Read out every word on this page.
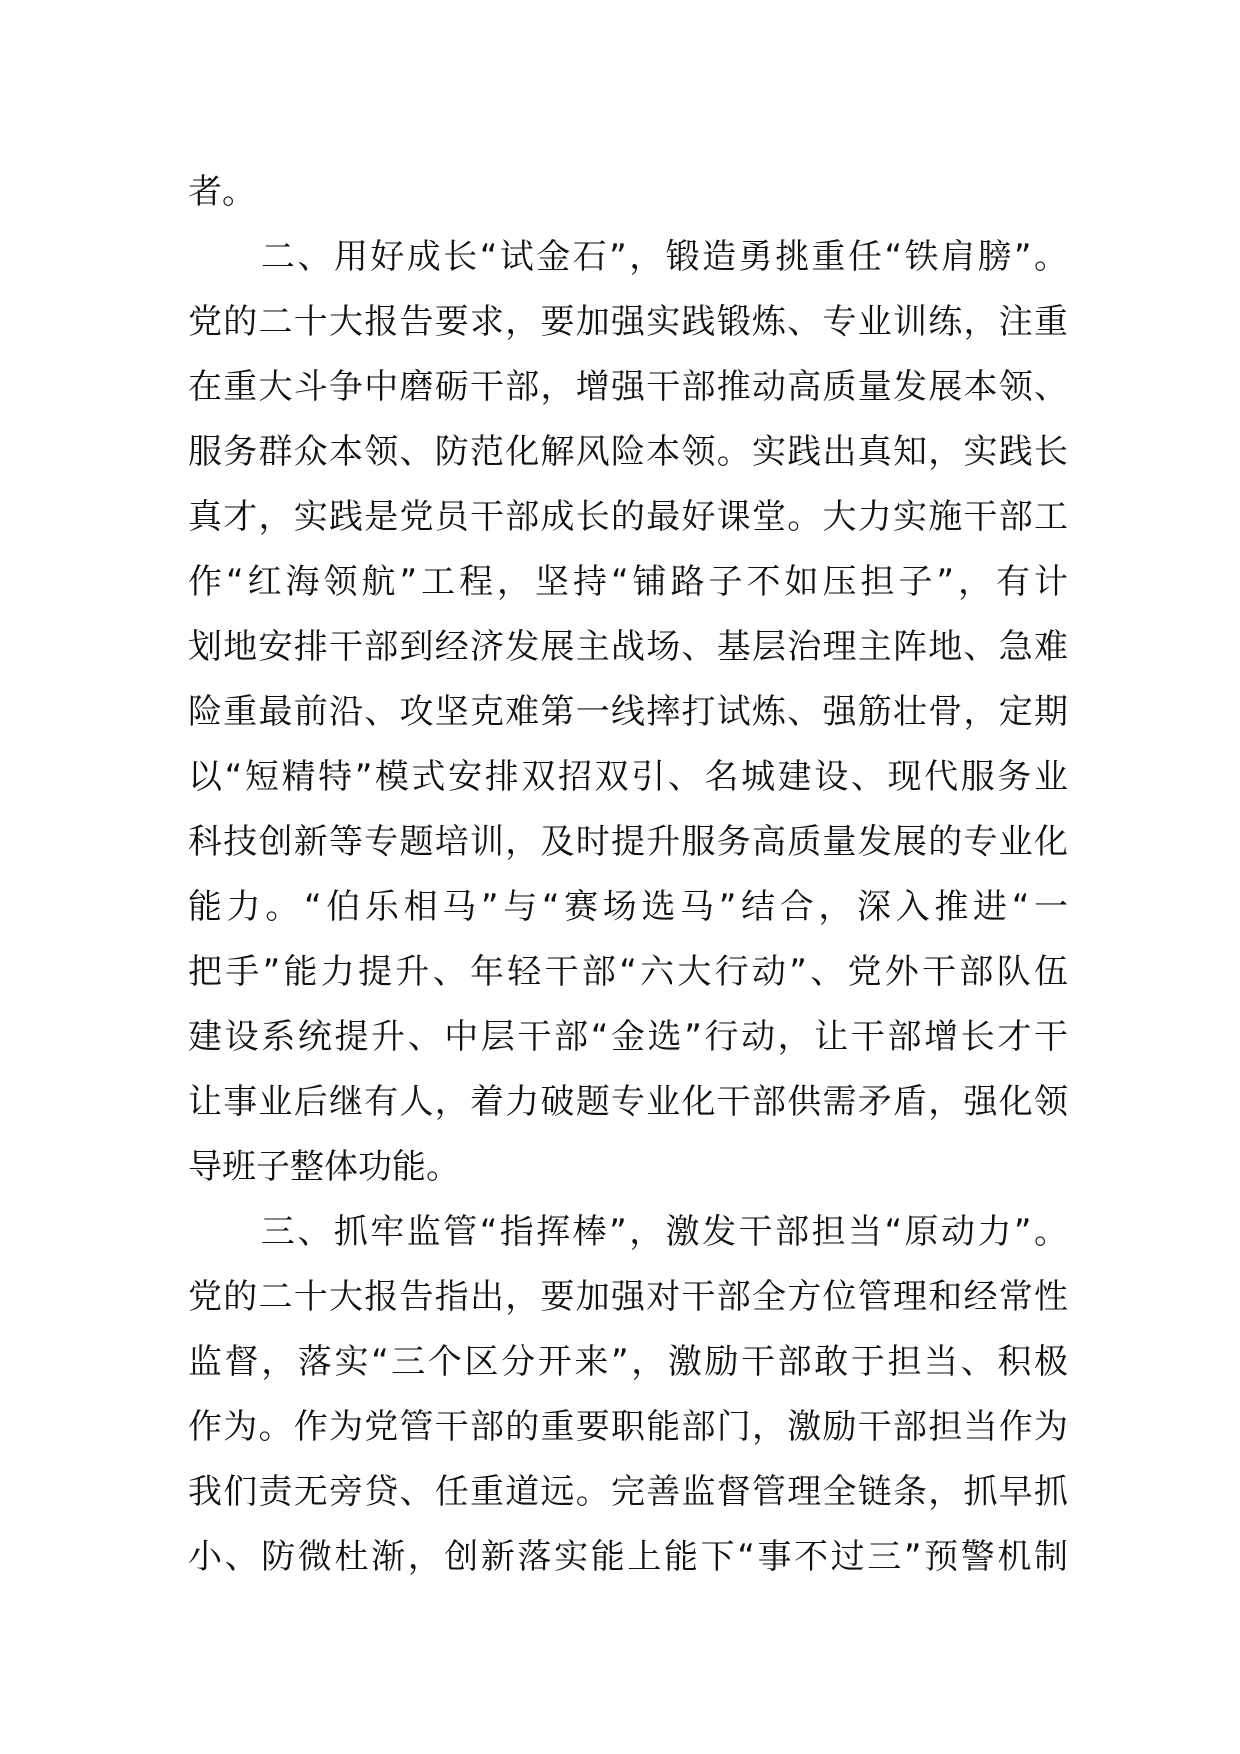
者。
　　二、用好成长“试金石”，锻造勇挑重任“铁肩膀”。
党的二十大报告要求，要加强实践锻炼、专业训练，注重
在重大斗争中磨砺干部，增强干部推动高质量发展本领、
服务群众本领、防范化解风险本领。实践出真知，实践长
真才，实践是党员干部成长的最好课堂。大力实施干部工
作“红海领航”工程，坚持“铺路子不如压担子”，有计
划地安排干部到经济发展主战场、基层治理主阵地、急难
险重最前沿、攻坚克难第一线摔打试炼、强筋壮骨，定期
以“短精特”模式安排双招双引、名城建设、现代服务业
科技创新等专题培训，及时提升服务高质量发展的专业化
能力。“伯乐相马”与“赛场选马”结合，深入推进“一
把手”能力提升、年轻干部“六大行动”、党外干部队伍
建设系统提升、中层干部“金选”行动，让干部增长才干
让事业后继有人，着力破题专业化干部供需矛盾，强化领
导班子整体功能。
　　三、抓牢监管“指挥棒”，激发干部担当“原动力”。
党的二十大报告指出，要加强对干部全方位管理和经常性
监督，落实“三个区分开来”，激励干部敢于担当、积极
作为。作为党管干部的重要职能部门，激励干部担当作为
我们责无旁贷、任重道远。完善监督管理全链条，抓早抓
小、防微杜渐，创新落实能上能下“事不过三”预警机制
